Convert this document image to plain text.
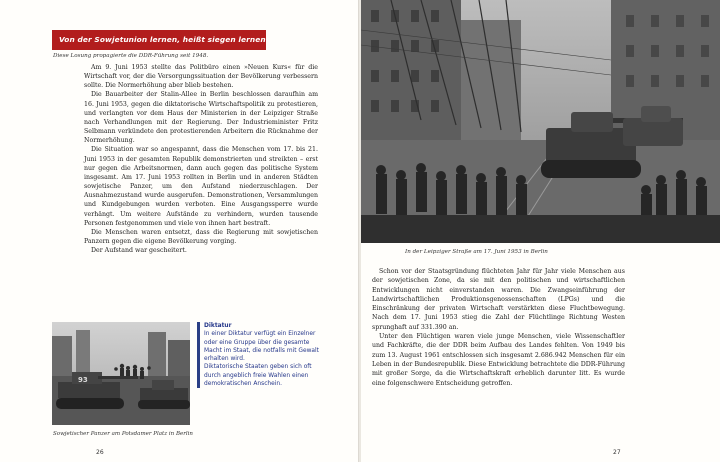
Von der Sowjetunion lernen, heißt siegen lernen!
Diese Losung propagierte die DDR-Führung seit 1948.

Am 9. Juni 1953 stellte das Politbüro einen »Neuen Kurs« für die Wirtschaft vor, der die Versorgungssituation der Bevölkerung verbessern sollte. Die Normerhöhung aber blieb bestehen.

Die Bauarbeiter der Stalin-Allee in Berlin beschlossen daraufhin am 16. Juni 1953, gegen die diktatorische Wirtschaftspolitik zu protestieren, und verlangten vor dem Haus der Ministerien in der Leipziger Straße nach Verhandlungen mit der Regierung. Der Industrieminister Fritz Selbmann verkündete den protestierenden Arbeitern die Rücknahme der Normerhöhung.

Die Situation war so angespannt, dass die Menschen vom 17. bis 21. Juni 1953 in der gesamten Republik demonstrierten und streikten – erst nur gegen die Arbeitsnormen, dann auch gegen das politische System insgesamt. Am 17. Juni 1953 rollten in Berlin und in anderen Städten sowjetische Panzer, um den Aufstand niederzuschlagen. Der Ausnahmezustand wurde ausgerufen. Demonstrationen, Versammlungen und Kundgebungen wurden verboten. Eine Ausgangssperre wurde verhängt. Um weitere Aufstände zu verhindern, wurden tausende Personen festgenommen und viele von ihnen hart bestraft.

Die Menschen waren entsetzt, dass die Regierung mit sowjetischen Panzern gegen die eigene Bevölkerung vorging.

Der Aufstand war gescheitert.

93
Sowjetischer Panzer am Potsdamer Platz in Berlin
Diktatur

In einer Diktatur verfügt ein Einzelner oder eine Gruppe über die gesamte Macht im Staat, die notfalls mit Gewalt erhalten wird.

Diktatorische Staaten geben sich oft durch angeblich freie Wahlen einen demokratischen Anschein.

26
In der Leipziger Straße am 17. Juni 1953 in Berlin

Schon vor der Staatsgründung flüchteten Jahr für Jahr viele Menschen aus der sowjetischen Zone, da sie mit den politischen und wirtschaftlichen Entwicklungen nicht einverstanden waren. Die Zwangseinführung der Landwirtschaftlichen Produktionsgenossenschaften (LPGs) und die Einschränkung der privaten Wirtschaft verstärkten diese Fluchtbewegung. Nach dem 17. Juni 1953 stieg die Zahl der Flüchtlinge Richtung Westen sprunghaft auf 331.390 an.

Unter den Flüchtigen waren viele junge Menschen, viele Wissenschaftler und Fachkräfte, die der DDR beim Aufbau des Landes fehlten. Von 1949 bis zum 13. August 1961 entschlossen sich insgesamt 2.686.942 Menschen für ein Leben in der Bundesrepublik. Diese Entwicklung betrachtete die DDR-Führung mit großer Sorge, da die Wirtschaftskraft erheblich darunter litt. Es wurde eine folgenschwere Entscheidung getroffen.

27
